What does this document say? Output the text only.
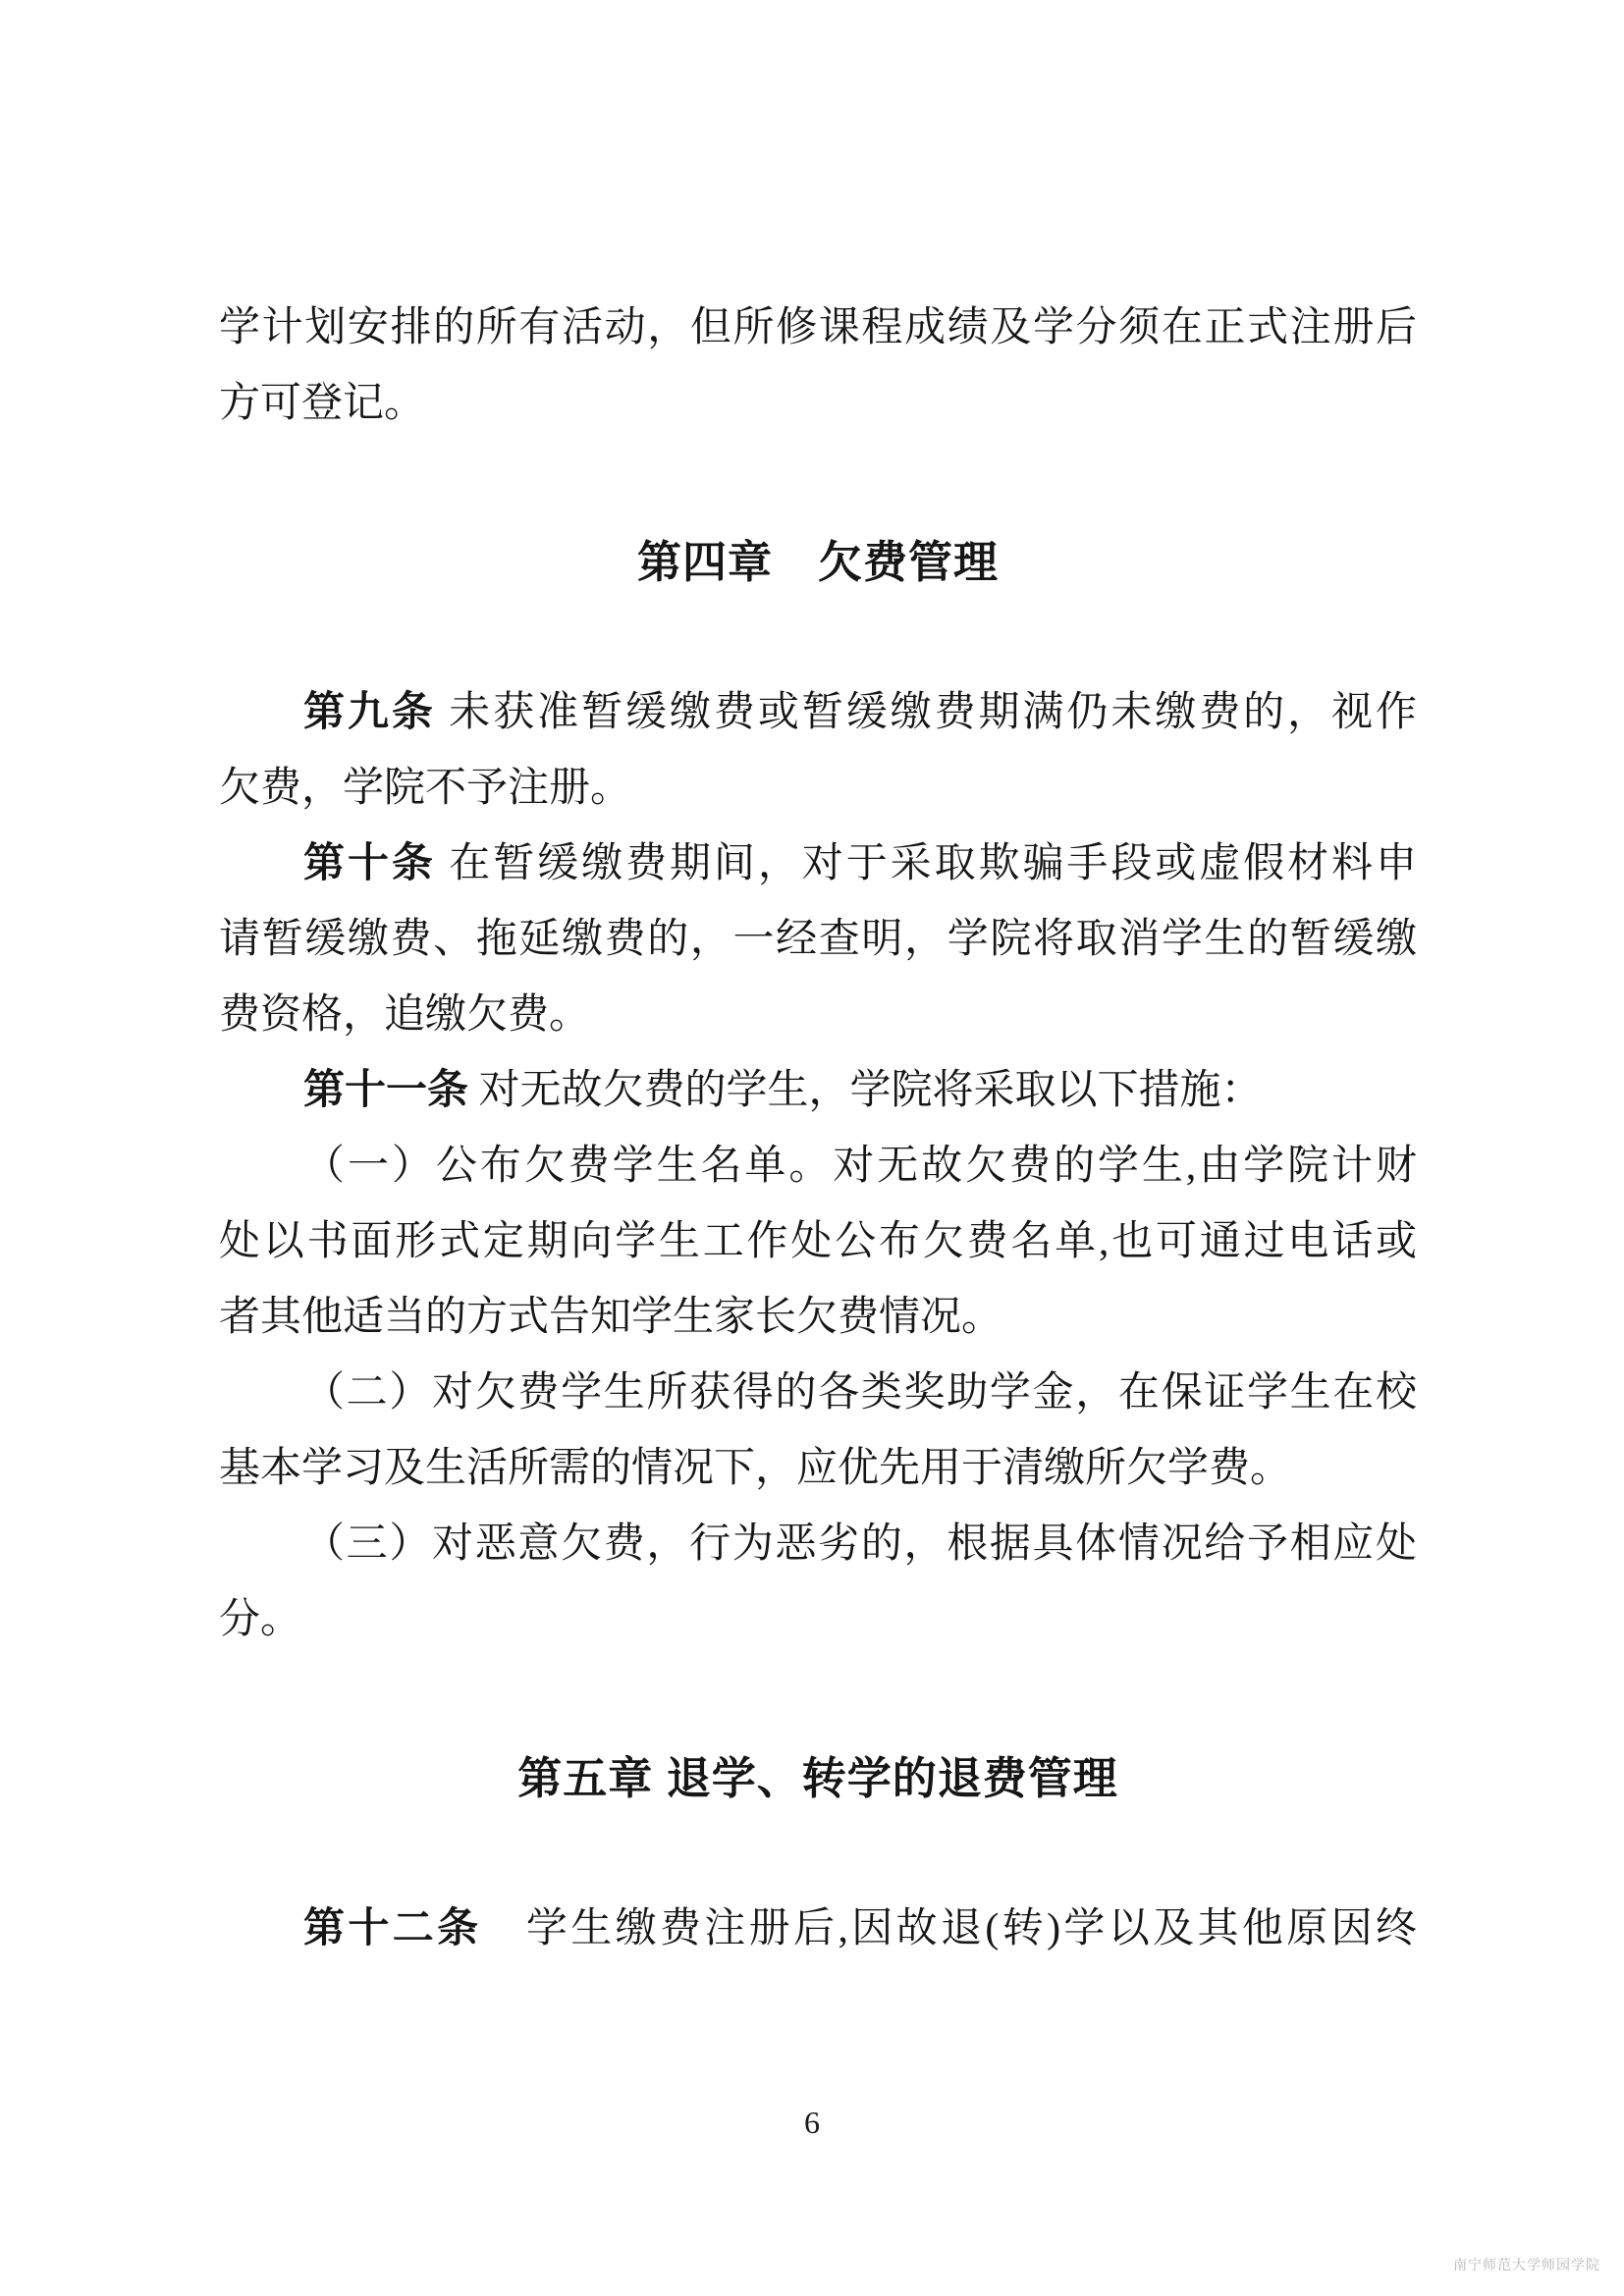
学计划安排的所有活动，但所修课程成绩及学分须在正式注册后
方可登记。
第四章　欠费管理
第九条 未获准暂缓缴费或暂缓缴费期满仍未缴费的，视作
欠费，学院不予注册。
第十条 在暂缓缴费期间，对于采取欺骗手段或虚假材料申
请暂缓缴费、拖延缴费的，一经查明，学院将取消学生的暂缓缴
费资格，追缴欠费。
第十一条 对无故欠费的学生，学院将采取以下措施：
（一）公布欠费学生名单。对无故欠费的学生,由学院计财
处以书面形式定期向学生工作处公布欠费名单,也可通过电话或
者其他适当的方式告知学生家长欠费情况。
（二）对欠费学生所获得的各类奖助学金，在保证学生在校
基本学习及生活所需的情况下，应优先用于清缴所欠学费。
（三）对恶意欠费，行为恶劣的，根据具体情况给予相应处
分。
第五章 退学、转学的退费管理
第十二条　学生缴费注册后,因故退(转)学以及其他原因终
6
南宁师范大学师园学院
